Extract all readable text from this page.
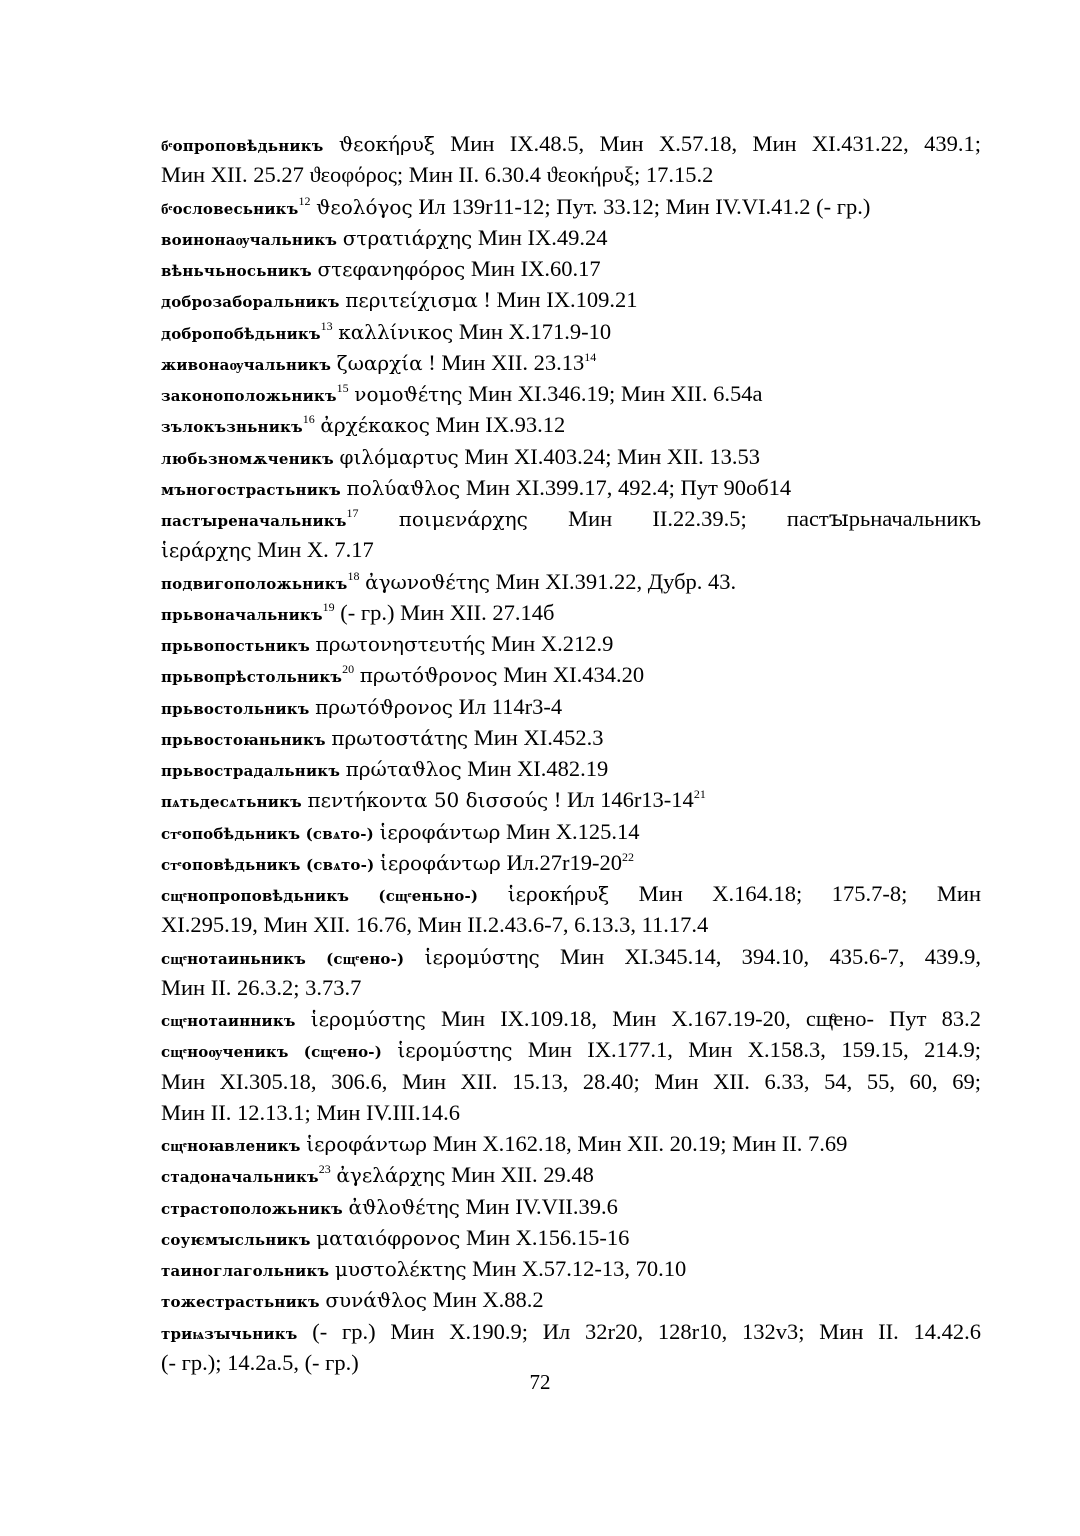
бͤопроповѣдьникъ ϑεοκήρυξ Мин IX.48.5, Мин X.57.18, Мин XI.431.22, 439.1;
Мин XII. 25.27 ϑεοφόρος; Мин II. 6.30.4 ϑεοκήρυξ; 17.15.2
бͤословесьникъ$^{12}$ ϑεολόγος Ил 139r11-12; Пут. 33.12; Мин IV.VI.41.2 (- гр.)
воинонаѹчальникъ στρατιάρχης Мин IX.49.24
вѣньчьносьникъ στεφανηφόρος Мин IX.60.17
доброзаборальникъ περιτείχισμα ! Мин IX.109.21
добропобѣдьникъ$^{13}$ καλλίνικος Мин X.171.9-10
живонаѹчальникъ ζωαρχία ! Мин XII. 23.13$^{14}$
законоположьникъ$^{15}$ νομοϑέτης Мин XI.346.19; Мин XII. 6.54а
зълокъзньникъ$^{16}$ ἀρχέκακος Мин IX.93.12
любьзномѫченикъ φιλόμαρτυς Мин XI.403.24; Мин XII. 13.53
мъногострастьникъ πολύαϑλος Мин XI.399.17, 492.4; Пут 90об14
пастꙑреначальникъ$^{17}$ ποιμενάρχης Мин II.22.39.5; пастꙑрьначальникъ
ἱεράρχης Мин X. 7.17
подвигоположьникъ$^{18}$ ἀγωνοϑέτης Мин XI.391.22, Дубр. 43.
прьвоначальникъ$^{19}$ (- гр.) Мин XII. 27.14б
прьвопостьникъ πρωτονηστευτής Мин X.212.9
прьвопрѣстольникъ$^{20}$ πρωτόϑρονος Мин XI.434.20
прьвостольникъ πρωτόϑρονος Ил 114r3-4
прьвостоꙗньникъ πρωτοστάτης Мин XI.452.3
прьвострадальникъ πρώταϑλος Мин XI.482.19
пѧтьдесѧтьникъ πεντήκοντα 50 δισσούς ! Ил $146r13-14^{21}$
стͤопобѣдьникъ (свѧто-) ἱεροφάντωρ Мин X.125.14
стͤоповѣдьникъ (свѧто-) ἱεροφάντωρ $Ил.27r19-20^{22}$
сщͤнопроповѣдьникъ (сщͤеньно-) ἱεροκήρυξ Мин X.164.18; 175.7-8; Мин
XI.295.19, Мин XII. 16.76, Мин II.2.43.6-7, 6.13.3, 11.17.4
сщͤнотаиньникъ (сщͤено-) ἱερομύστης Мин XI.345.14, 394.10, 435.6-7, 439.9,
Мин II. 26.3.2; 3.73.7
сщͤнотаинникъ ἱερομύστης Мин IX.109.18, Мин X.167.19-20, сщͤено- Пут 83.2
сщͤноѹченикъ (сщͤено-) ἱερομύστης Мин IX.177.1, Мин X.158.3, 159.15, 214.9;
Мин XI.305.18, 306.6, Мин XII. 15.13, 28.40; Мин XII. 6.33, 54, 55, 60, 69;
Мин II. 12.13.1; Мин IV.III.14.6
сщͤноꙗвленикъ ἱεροφάντωρ Мин X.162.18, Мин XII. 20.19; Мин II. 7.69
стадоначальникъ$^{23}$ ἀγελάρχης Мин XII. 29.48
страстоположьникъ ἀϑλοϑέτης Мин IV.VII.39.6
соуѥмꙑсльникъ ματαιόφρονος Мин X.156.15-16
таиноглагольникъ μυστολέκτης Мин X.57.12-13, 70.10
тожестрастьникъ συνάϑλος Мин X.88.2
триѩзꙑчьникъ (- гр.) Мин X.190.9; Ил 32r20, 128r10, 132v3; Мин II. 14.42.6
(- гр.); 14.2а.5, (- гр.)
72
